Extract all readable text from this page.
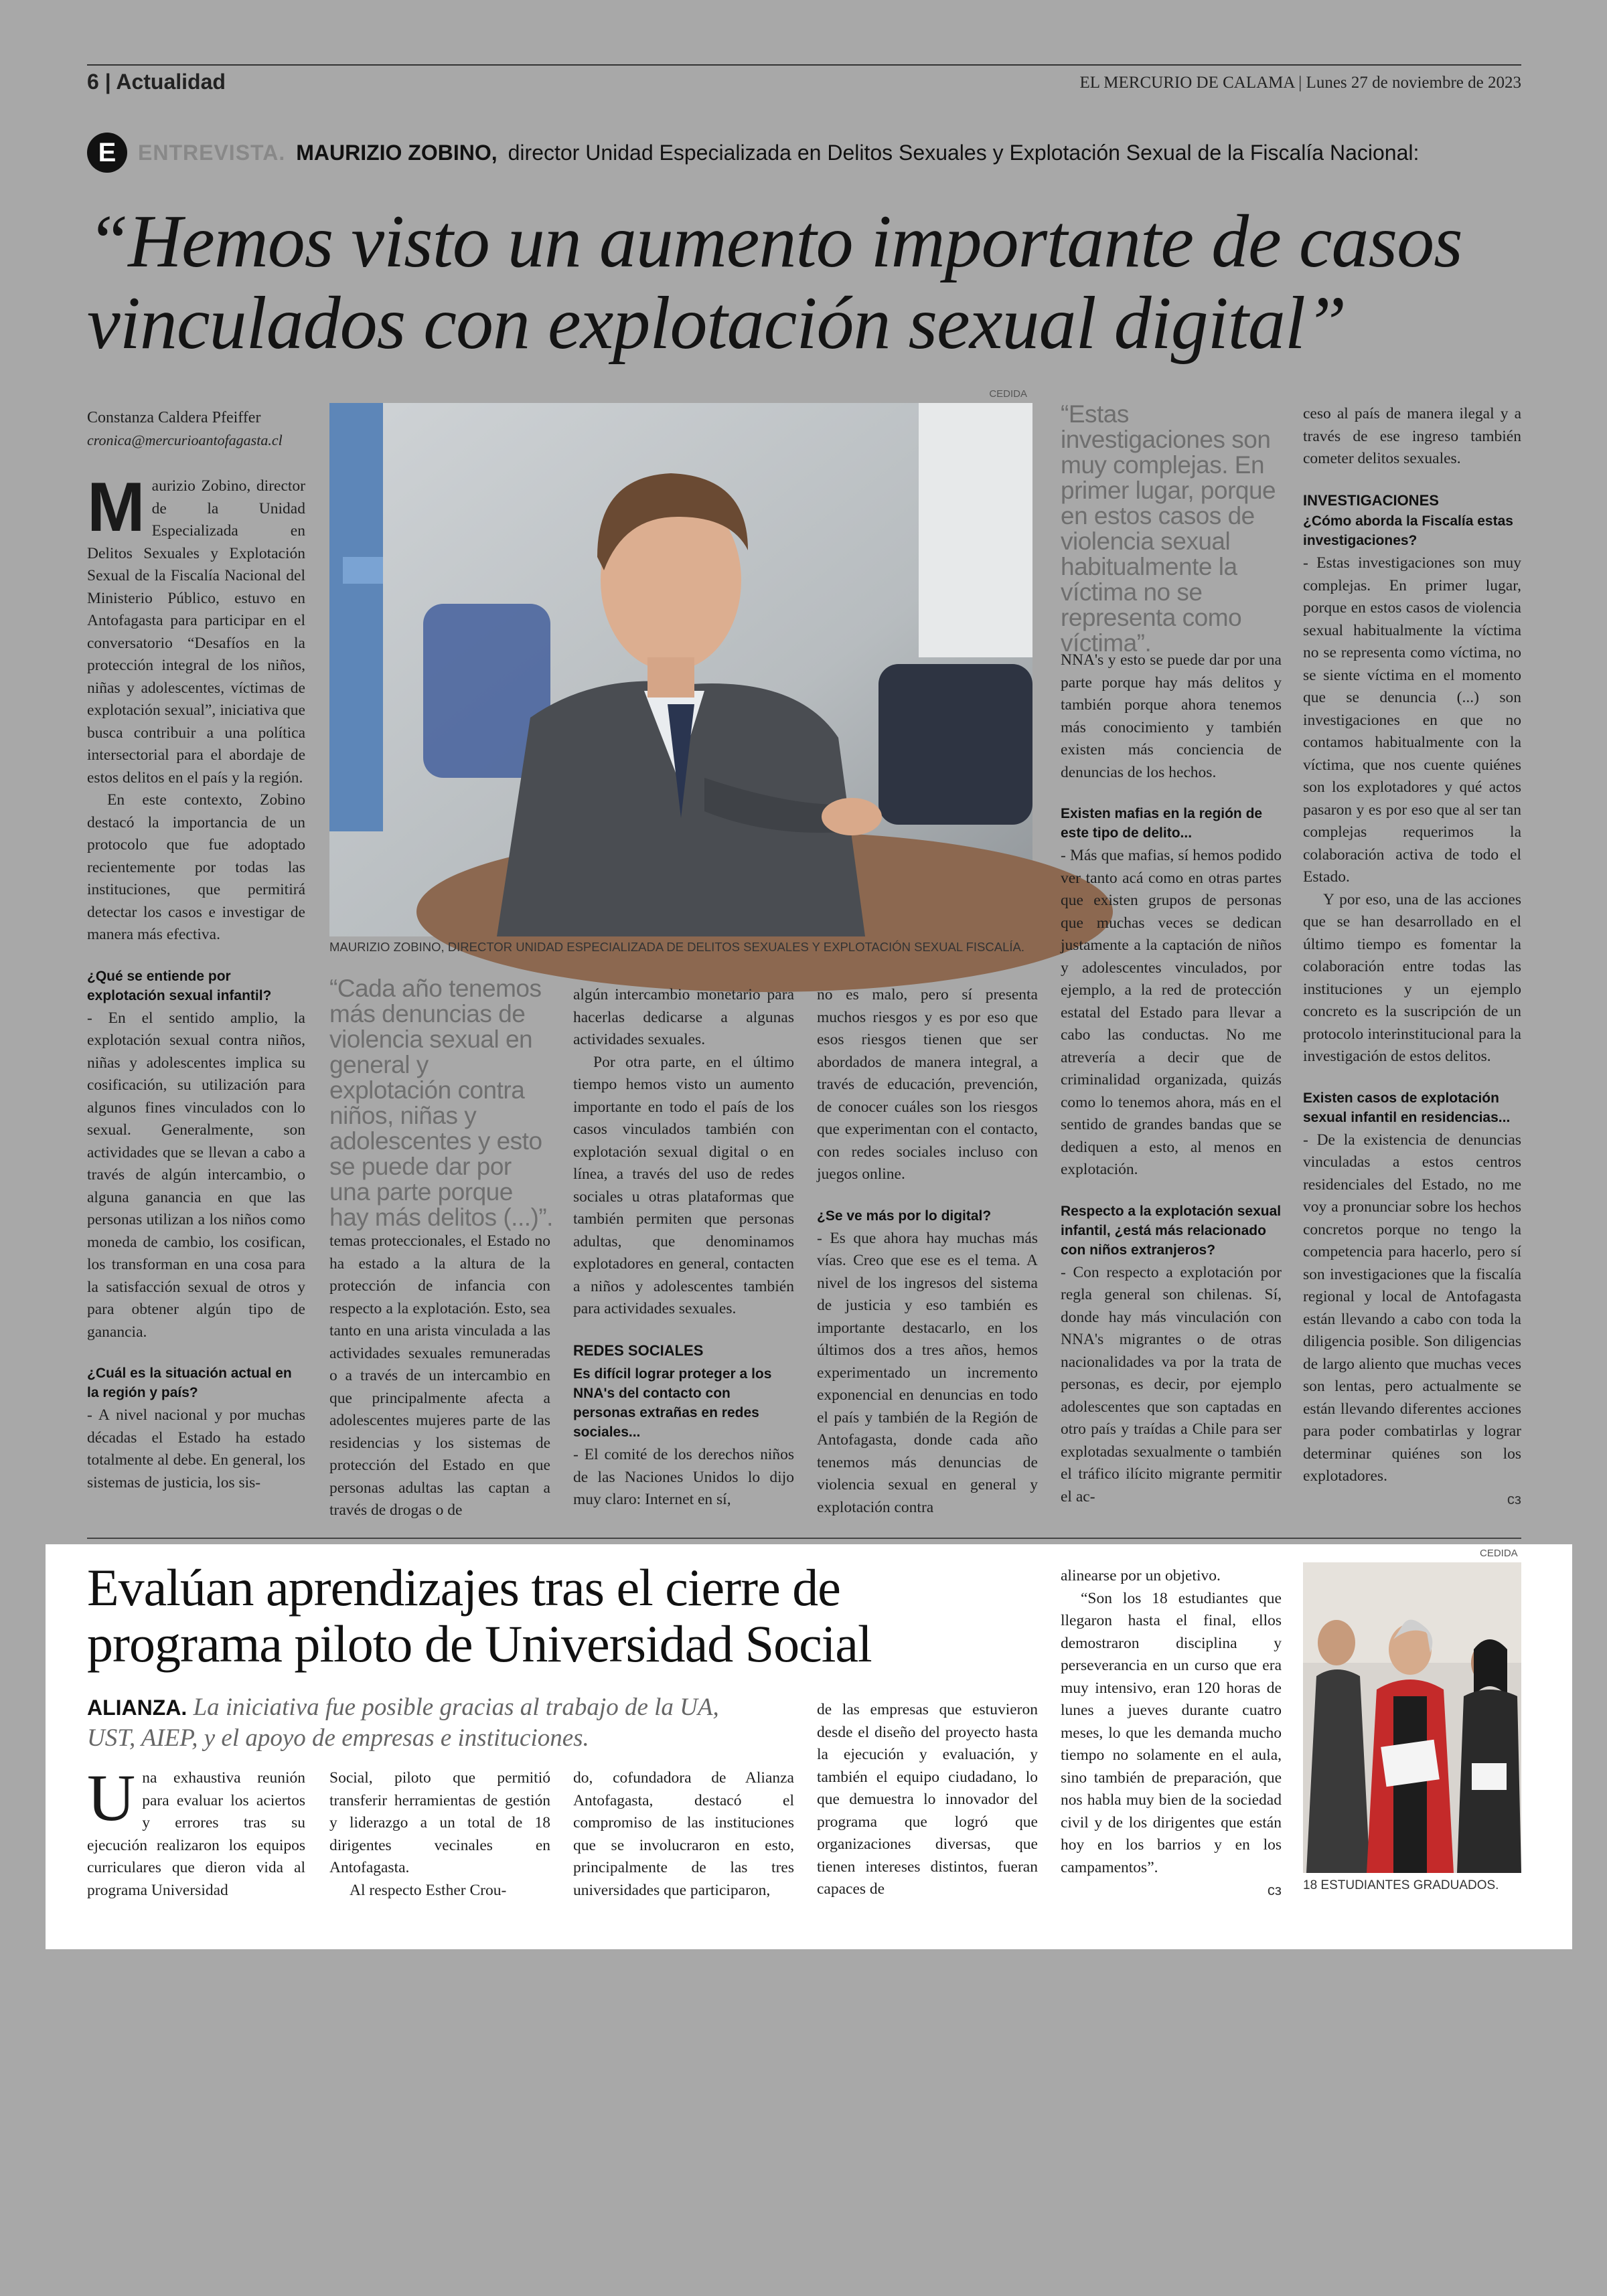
6 | Actualidad	EL MERCURIO DE CALAMA | Lunes 27 de noviembre de 2023
E	ENTREVISTA. MAURIZIO ZOBINO, director Unidad Especializada en Delitos Sexuales y Explotación Sexual de la Fiscalía Nacional:
“Hemos visto un aumento importante de casos vinculados con explotación sexual digital”
Constanza Caldera Pfeiffer
cronica@mercurioantofagasta.cl
CEDIDA
MAURIZIO ZOBINO, DIRECTOR UNIDAD ESPECIALIZADA DE DELITOS SEXUALES Y EXPLOTACIÓN SEXUAL FISCALÍA.
M aurizio Zobino, director de la Unidad Especializada en Delitos Sexuales y Explotación Sexual de la Fiscalía Nacional del Ministerio Público, estuvo en Antofagasta para participar en el conversatorio “Desafíos en la protección integral de los niños, niñas y adolescentes, víctimas de explotación sexual”, iniciativa que busca contribuir a una política intersectorial para el abordaje de estos delitos en el país y la región.

En este contexto, Zobino destacó la importancia de un protocolo que fue adoptado recientemente por todas las instituciones, que permitirá detectar los casos e investigar de manera más efectiva.

¿Qué se entiende por explotación sexual infantil?

- En el sentido amplio, la explotación sexual contra niños, niñas y adolescentes implica su cosificación, su utilización para algunos fines vinculados con lo sexual. Generalmente, son actividades que se llevan a cabo a través de algún intercambio, o alguna ganancia en que las personas utilizan a los niños como moneda de cambio, los cosifican, los transforman en una cosa para la satisfacción sexual de otros y para obtener algún tipo de ganancia.

¿Cuál es la situación actual en la región y país?

- A nivel nacional y por muchas décadas el Estado ha estado totalmente al debe. En general, los sistemas de justicia, los sis-

“Cada año tenemos más denuncias de violencia sexual en general y explotación contra niños, niñas y adolescentes y esto se puede dar por una parte porque hay más delitos (...)”.

temas proteccionales, el Estado no ha estado a la altura de la protección de infancia con respecto a la explotación. Esto, sea tanto en una arista vinculada a las actividades sexuales remuneradas o a través de un intercambio en que principalmente afecta a adolescentes mujeres parte de las residencias y los sistemas de protección del Estado en que personas adultas las captan a través de drogas o de

algún intercambio monetario para hacerlas dedicarse a algunas actividades sexuales.

Por otra parte, en el último tiempo hemos visto un aumento importante en todo el país de los casos vinculados también con explotación sexual digital o en línea, a través del uso de redes sociales u otras plataformas que también permiten que personas adultas, que denominamos explotadores en general, contacten a niños y adolescentes también para actividades sexuales.

REDES SOCIALES
Es difícil lograr proteger a los NNA's del contacto con personas extrañas en redes sociales...

- El comité de los derechos niños de las Naciones Unidos lo dijo muy claro: Internet en sí,

no es malo, pero sí presenta muchos riesgos y es por eso que esos riesgos tienen que ser abordados de manera integral, a través de educación, prevención, de conocer cuáles son los riesgos que experimentan con el contacto, con redes sociales incluso con juegos online.

¿Se ve más por lo digital?

- Es que ahora hay muchas más vías. Creo que ese es el tema. A nivel de los ingresos del sistema de justicia y eso también es importante destacarlo, en los últimos dos a tres años, hemos experimentado un incremento exponencial en denuncias en todo el país y también de la Región de Antofagasta, donde cada año tenemos más denuncias de violencia sexual en general y explotación contra

“Estas investigaciones son muy complejas. En primer lugar, porque en estos casos de violencia sexual habitualmente la víctima no se representa como víctima”.

NNA's y esto se puede dar por una parte porque hay más delitos y también porque ahora tenemos más conocimiento y también existen más conciencia de denuncias de los hechos.

Existen mafias en la región de este tipo de delito...

- Más que mafias, sí hemos podido ver tanto acá como en otras partes que existen grupos de personas que muchas veces se dedican justamente a la captación de niños y adolescentes vinculados, por ejemplo, a la red de protección estatal del Estado para llevar a cabo las conductas. No me atrevería a decir que de criminalidad organizada, quizás como lo tenemos ahora, más en el sentido de grandes bandas que se dediquen a esto, al menos en explotación.

Respecto a la explotación sexual infantil, ¿está más relacionado con niños extranjeros?

- Con respecto a explotación por regla general son chilenas. Sí, donde hay más vinculación con NNA's migrantes o de otras nacionalidades va por la trata de personas, es decir, por ejemplo adolescentes que son captadas en otro país y traídas a Chile para ser explotadas sexualmente o también el tráfico ilícito migrante permitir el ac-

ceso al país de manera ilegal y a través de ese ingreso también cometer delitos sexuales.

INVESTIGACIONES
¿Cómo aborda la Fiscalía estas investigaciones?

- Estas investigaciones son muy complejas. En primer lugar, porque en estos casos de violencia sexual habitualmente la víctima no se representa como víctima, no se siente víctima en el momento que se denuncia (...) son investigaciones en que no contamos habitualmente con la víctima, que nos cuente quiénes son los explotadores y qué actos pasaron y es por eso que al ser tan complejas requerimos la colaboración activa de todo el Estado.

Y por eso, una de las acciones que se han desarrollado en el último tiempo es fomentar la colaboración entre todas las instituciones y un ejemplo concreto es la suscripción de un protocolo interinstitucional para la investigación de estos delitos.

Existen casos de explotación sexual infantil en residencias...

- De la existencia de denuncias vinculadas a estos centros residenciales del Estado, no me voy a pronunciar sobre los hechos concretos porque no tengo la competencia para hacerlo, pero sí son investigaciones que la fiscalía regional y local de Antofagasta están llevando a cabo con toda la diligencia posible. Son diligencias de largo aliento que muchas veces son lentas, pero actualmente se están llevando diferentes acciones para poder combatirlas y lograr determinar quiénes son los explotadores.

cз
Evalúan aprendizajes tras el cierre de programa piloto de Universidad Social
ALIANZA. La iniciativa fue posible gracias al trabajo de la UA, UST, AIEP, y el apoyo de empresas e instituciones.
U na exhaustiva reunión para evaluar los aciertos y errores tras su ejecución realizaron los equipos curriculares que dieron vida al programa Universidad

Social, piloto que permitió transferir herramientas de gestión y liderazgo a un total de 18 dirigentes vecinales en Antofagasta.

Al respecto Esther Crou-

do, cofundadora de Alianza Antofagasta, destacó el compromiso de las instituciones que se involucraron en esto, principalmente de las tres universidades que participaron,

de las empresas que estuvieron desde el diseño del proyecto hasta la ejecución y evaluación, y también el equipo ciudadano, lo que demuestra lo innovador del programa que logró que organizaciones diversas, que tienen intereses distintos, fueran capaces de

alinearse por un objetivo.

“Son los 18 estudiantes que llegaron hasta el final, ellos demostraron disciplina y perseverancia en un curso que era muy intensivo, eran 120 horas de lunes a jueves durante cuatro meses, lo que les demanda mucho tiempo no solamente en el aula, sino también de preparación, que nos habla muy bien de la sociedad civil y de los dirigentes que están hoy en los barrios y en los campamentos”.

cз
CEDIDA
18 ESTUDIANTES GRADUADOS.
